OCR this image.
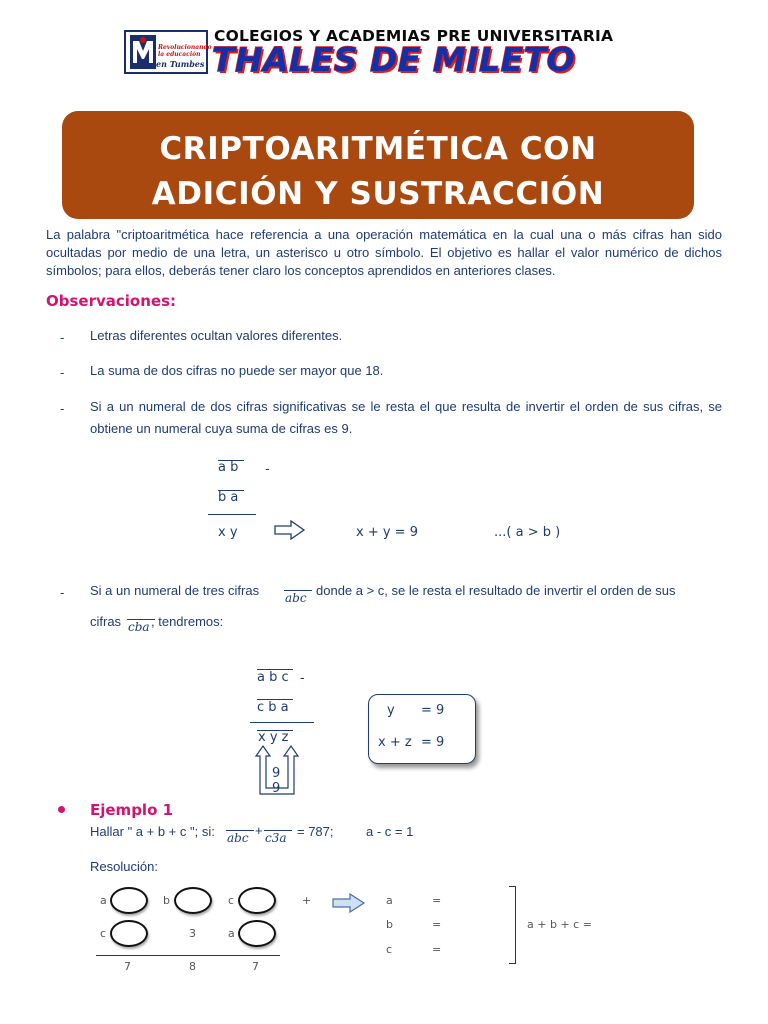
Revolucionando
la educación
en Tumbes
COLEGIOS Y ACADEMIAS PRE UNIVERSITARIA
THALES DE MILETO
CRIPTOARITMÉTICA CON
ADICIÓN Y SUSTRACCIÓN
La palabra "criptoaritmética hace referencia a una operación matemática en la cual una o más cifras han sido ocultadas por medio de una letra, un asterisco u otro símbolo. El objetivo es hallar el valor numérico de dichos símbolos; para ellos, deberás tener claro los conceptos aprendidos en anteriores clases.
Observaciones:
- Letras diferentes ocultan valores diferentes.
- La suma de dos cifras no puede ser mayor que 18.
- Si a un numeral de dos cifras significativas se le resta el que resulta de invertir el orden de sus cifras, se obtiene un numeral cuya suma de cifras es 9.
a b -
b a
x y	x + y = 9	...( a > b )
- Si a un numeral de tres cifras abc donde a > c, se le resta el resultado de invertir el orden de sus
cifras cba , tendremos:
a b c -
c b a
x y z
9
9
y = 9
x + z = 9
Ejemplo 1
Hallar " a + b + c "; si: abc + c3a = 787; a - c = 1
Resolución:
a	b	c	+
c	3	a
7	8	7
a	=
b	=
c	=
a + b + c =
